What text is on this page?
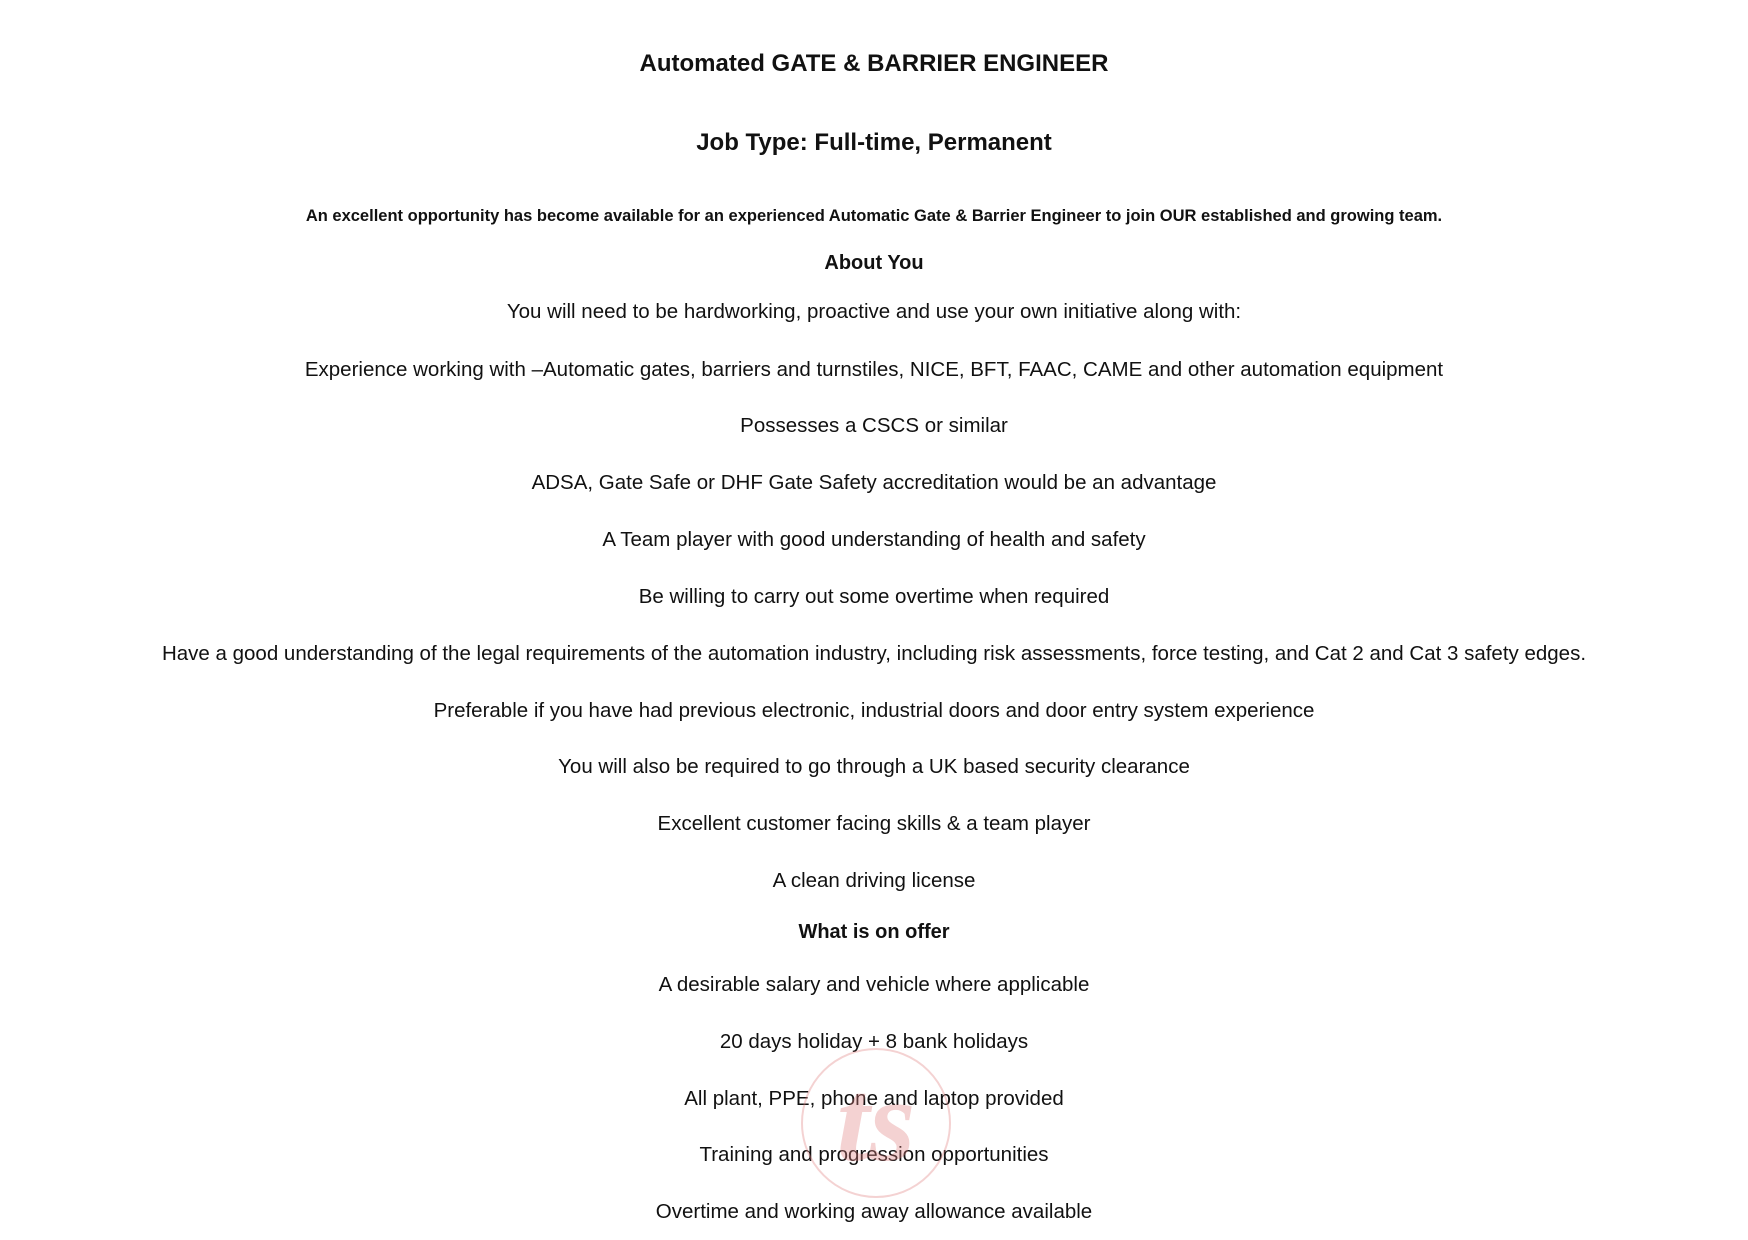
Automated GATE & BARRIER ENGINEER
Job Type: Full-time, Permanent
An excellent opportunity has become available for an experienced Automatic Gate & Barrier Engineer to join OUR established and growing team.
About You
You will need to be hardworking, proactive and use your own initiative along with:
Experience working with –Automatic gates, barriers and turnstiles, NICE, BFT, FAAC, CAME and other automation equipment
Possesses a CSCS or similar
ADSA, Gate Safe or DHF Gate Safety accreditation would be an advantage
A Team player with good understanding of health and safety
Be willing to carry out some overtime when required
Have a good understanding of the legal requirements of the automation industry, including risk assessments, force testing, and Cat 2 and Cat 3 safety edges.
Preferable if you have had previous electronic, industrial doors and door entry system experience
You will also be required to go through a UK based security clearance
Excellent customer facing skills & a team player
A clean driving license
What is on offer
A desirable salary and vehicle where applicable
20 days holiday + 8 bank holidays
All plant, PPE, phone and laptop provided
Training and progression opportunities
Overtime and working away allowance available
ts
